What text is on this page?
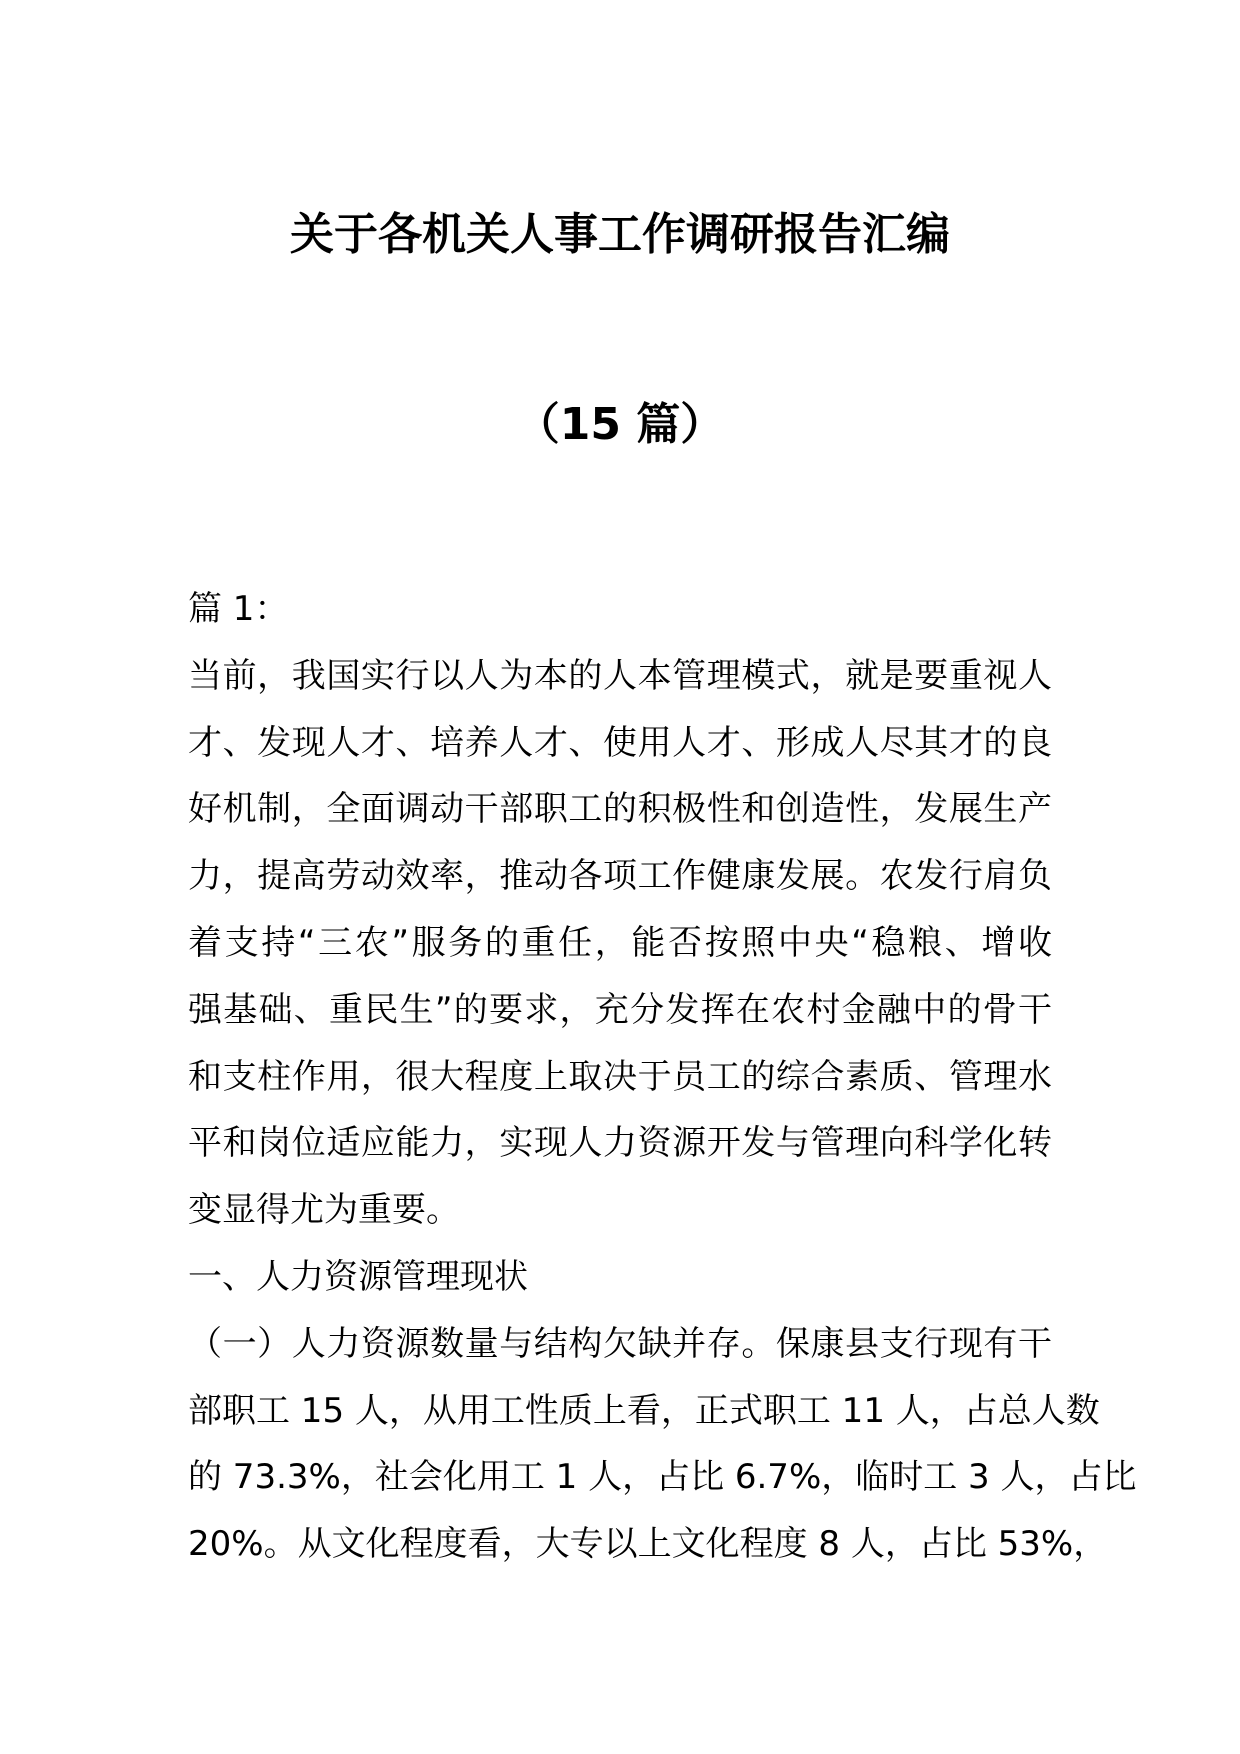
关于各机关人事工作调研报告汇编
（15 篇）
篇 1：
当前，我国实行以人为本的人本管理模式，就是要重视人
才、发现人才、培养人才、使用人才、形成人尽其才的良
好机制，全面调动干部职工的积极性和创造性，发展生产
力，提高劳动效率，推动各项工作健康发展。农发行肩负
着支持“三农”服务的重任，能否按照中央“稳粮、增收
强基础、重民生”的要求，充分发挥在农村金融中的骨干
和支柱作用，很大程度上取决于员工的综合素质、管理水
平和岗位适应能力，实现人力资源开发与管理向科学化转
变显得尤为重要。
一、人力资源管理现状
（一）人力资源数量与结构欠缺并存。保康县支行现有干
部职工 15 人，从用工性质上看，正式职工 11 人，占总人数
的 73.3%，社会化用工 1 人，占比 6.7%，临时工 3 人，占比
20%。从文化程度看，大专以上文化程度 8 人，占比 53%，
